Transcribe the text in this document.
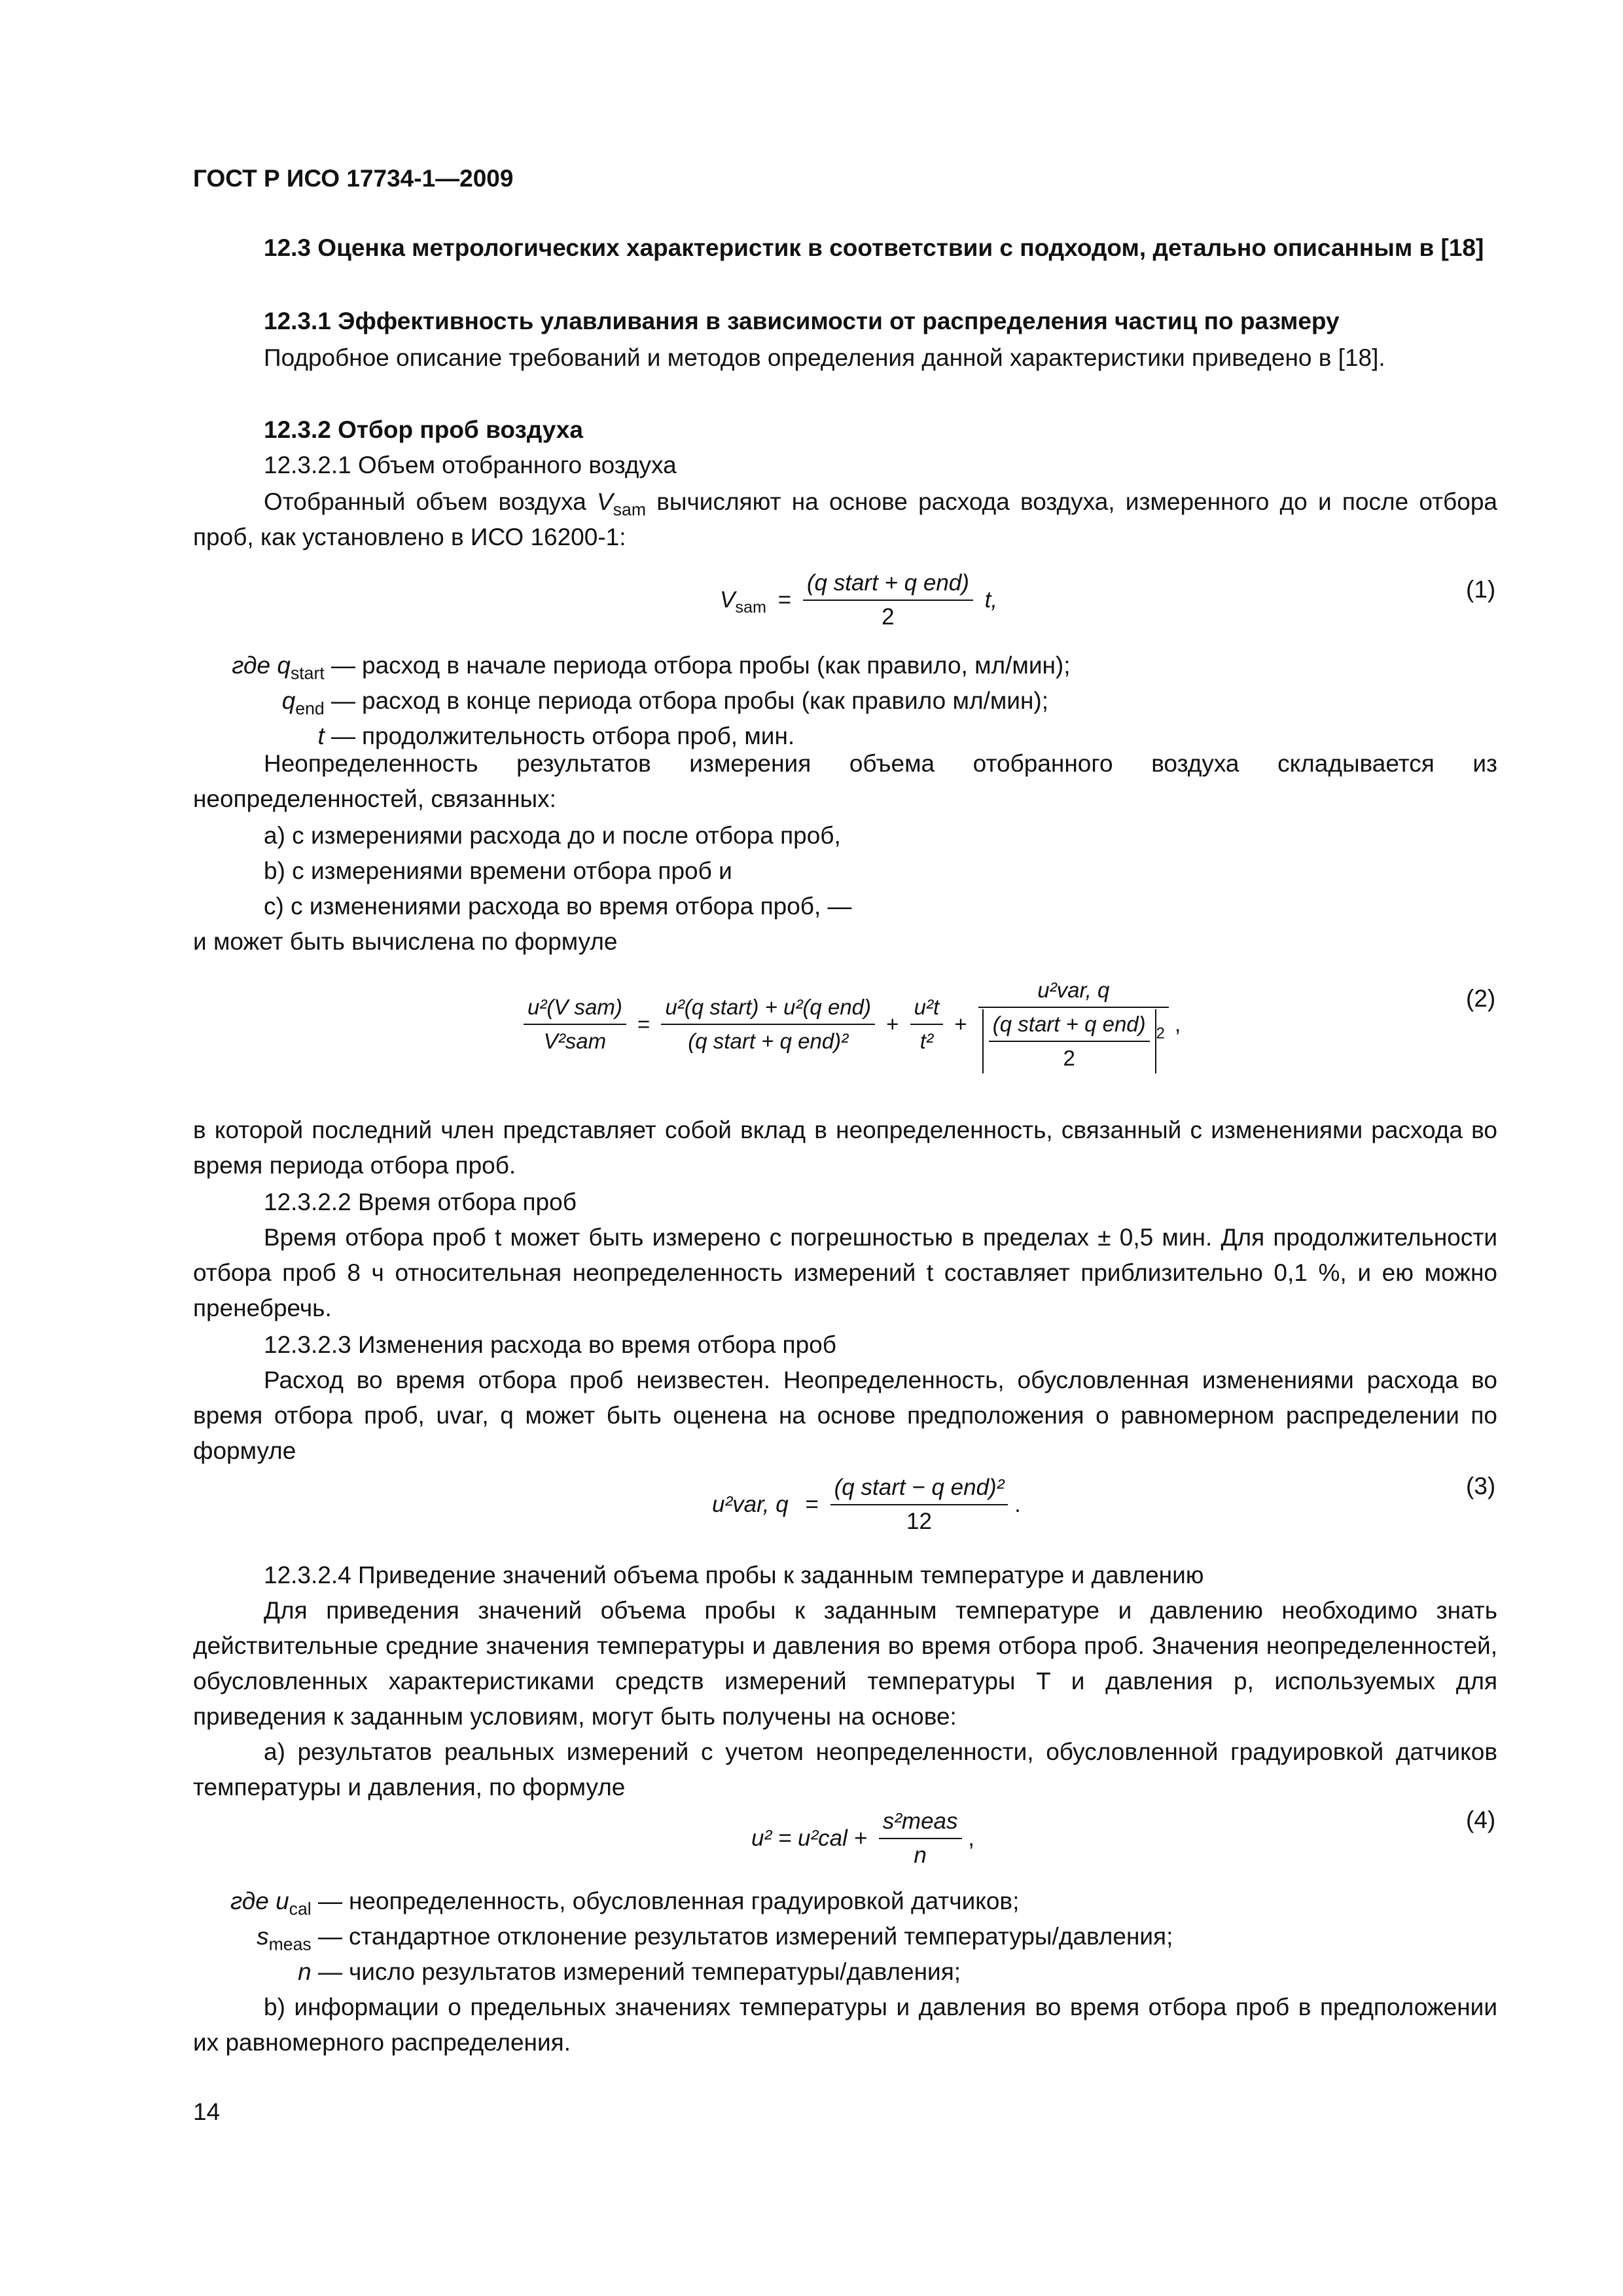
ГОСТ Р ИСО 17734-1—2009
12.3 Оценка метрологических характеристик в соответствии с подходом, детально описанным в [18]
12.3.1 Эффективность улавливания в зависимости от распределения частиц по размеру
Подробное описание требований и методов определения данной характеристики приведено в [18].
12.3.2 Отбор проб воздуха
12.3.2.1 Объем отобранного воздуха
Отобранный объем воздуха $V_{sam}$ вычисляют на основе расхода воздуха, измеренного до и после отбора проб, как установлено в ИСО 16200-1:
$V_{sam} = \frac{\text{(q start + q end)}}{2} t$,	(1)
где $q_{start}$ — расход в начале периода отбора пробы (как правило, мл/мин);
$q_{end}$ — расход в конце периода отбора пробы (как правило мл/мин);
t — продолжительность отбора проб, мин.
Неопределенность результатов измерения объема отобранного воздуха складывается из неопределенностей, связанных:
a) с измерениями расхода до и после отбора проб,
b) с измерениями времени отбора проб и
c) с изменениями расхода во время отбора проб, —
и может быть вычислена по формуле
$\frac{\text{u²(V sam)}}{\text{V²sam}} = \frac{\text{u²(q start) + u²(q end)}}{\text{(q start + q end)²}} + \frac{\text{u²t}}{\text{t²}} + \frac{\text{u²var, q}}{\frac{\text{(q start + q end)}}{2} ^2}$ ,
(2)
в которой последний член представляет собой вклад в неопределенность, связанный с изменениями расхода во время периода отбора проб.
12.3.2.2 Время отбора проб
Время отбора проб t может быть измерено с погрешностью в пределах ± 0,5 мин. Для продолжительности отбора проб 8 ч относительная неопределенность измерений t составляет приблизительно 0,1 %, и ею можно пренебречь.
12.3.2.3 Изменения расхода во время отбора проб
Расход во время отбора проб неизвестен. Неопределенность, обусловленная изменениями расхода во время отбора проб, uvar, q может быть оценена на основе предположения о равномерном распределении по формуле
u²var, $q = \frac{\text{(q start − q end)²}}{12}$ .
(3)
12.3.2.4 Приведение значений объема пробы к заданным температуре и давлению
Для приведения значений объема пробы к заданным температуре и давлению необходимо знать действительные средние значения температуры и давления во время отбора проб. Значения неопределенностей, обусловленных характеристиками средств измерений температуры T и давления p, используемых для приведения к заданным условиям, могут быть получены на основе:
a) результатов реальных измерений с учетом неопределенности, обусловленной градуировкой датчиков температуры и давления, по формуле
$u^2 = u^2cal + \frac{\text{s²meas}}{n}$ ,
(4)
где $u_{cal}$ — неопределенность, обусловленная градуировкой датчиков;
$s_{meas}$ — стандартное отклонение результатов измерений температуры/давления;
n — число результатов измерений температуры/давления;
b) информации о предельных значениях температуры и давления во время отбора проб в предположении их равномерного распределения.
14
